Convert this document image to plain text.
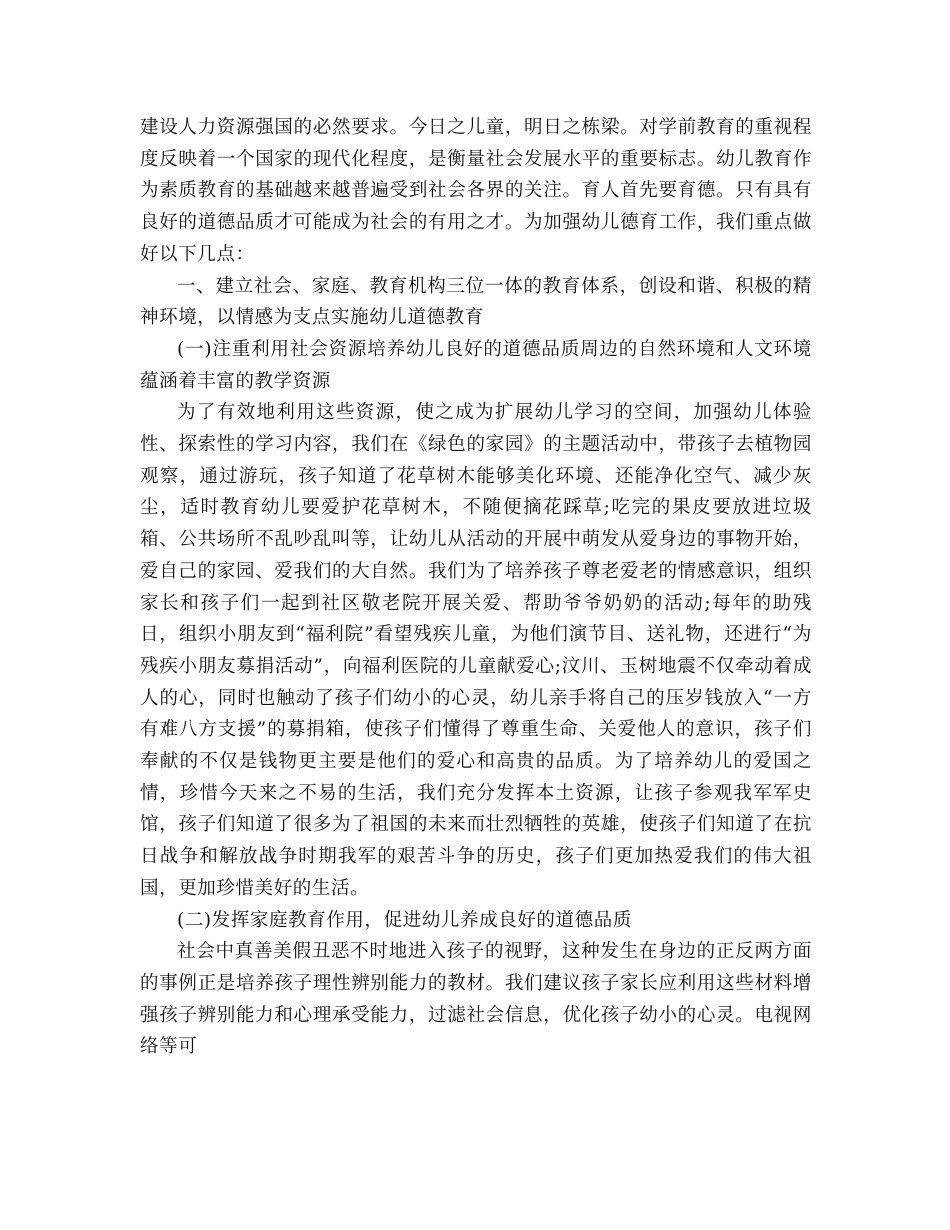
建设人力资源强国的必然要求。今日之儿童，明日之栋梁。对学前教育的重视程度反映着一个国家的现代化程度，是衡量社会发展水平的重要标志。幼儿教育作为素质教育的基础越来越普遍受到社会各界的关注。育人首先要育德。只有具有良好的道德品质才可能成为社会的有用之才。为加强幼儿德育工作，我们重点做好以下几点：

一、建立社会、家庭、教育机构三位一体的教育体系，创设和谐、积极的精神环境，以情感为支点实施幼儿道德教育

(一)注重利用社会资源培养幼儿良好的道德品质周边的自然环境和人文环境蕴涵着丰富的教学资源

为了有效地利用这些资源，使之成为扩展幼儿学习的空间，加强幼儿体验性、探索性的学习内容，我们在《绿色的家园》的主题活动中，带孩子去植物园观察，通过游玩，孩子知道了花草树木能够美化环境、还能净化空气、减少灰尘，适时教育幼儿要爱护花草树木，不随便摘花踩草;吃完的果皮要放进垃圾箱、公共场所不乱吵乱叫等，让幼儿从活动的开展中萌发从爱身边的事物开始，爱自己的家园、爱我们的大自然。我们为了培养孩子尊老爱老的情感意识，组织家长和孩子们一起到社区敬老院开展关爱、帮助爷爷奶奶的活动;每年的助残日，组织小朋友到“福利院”看望残疾儿童，为他们演节目、送礼物，还进行“为残疾小朋友募捐活动”，向福利医院的儿童献爱心;汶川、玉树地震不仅牵动着成人的心，同时也触动了孩子们幼小的心灵，幼儿亲手将自己的压岁钱放入“一方有难八方支援”的募捐箱，使孩子们懂得了尊重生命、关爱他人的意识，孩子们奉献的不仅是钱物更主要是他们的爱心和高贵的品质。为了培养幼儿的爱国之情，珍惜今天来之不易的生活，我们充分发挥本土资源，让孩子参观我军军史馆，孩子们知道了很多为了祖国的未来而壮烈牺牲的英雄，使孩子们知道了在抗日战争和解放战争时期我军的艰苦斗争的历史，孩子们更加热爱我们的伟大祖国，更加珍惜美好的生活。

(二)发挥家庭教育作用，促进幼儿养成良好的道德品质

社会中真善美假丑恶不时地进入孩子的视野，这种发生在身边的正反两方面的事例正是培养孩子理性辨别能力的教材。我们建议孩子家长应利用这些材料增强孩子辨别能力和心理承受能力，过滤社会信息，优化孩子幼小的心灵。电视网络等可
